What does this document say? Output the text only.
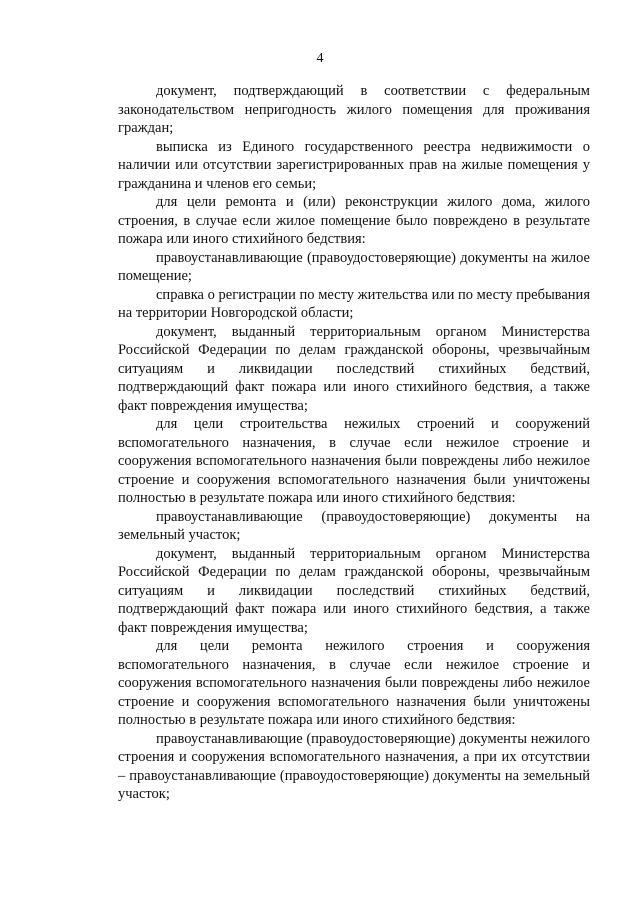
4

документ, подтверждающий в соответствии с федеральным законодательством непригодность жилого помещения для проживания граждан;

выписка из Единого государственного реестра недвижимости о наличии или отсутствии зарегистрированных прав на жилые помещения у гражданина и членов его семьи;

для цели ремонта и (или) реконструкции жилого дома, жилого строения, в случае если жилое помещение было повреждено в результате пожара или иного стихийного бедствия:

правоустанавливающие (правоудостоверяющие) документы на жилое помещение;

справка о регистрации по месту жительства или по месту пребывания на территории Новгородской области;

документ, выданный территориальным органом Министерства Российской Федерации по делам гражданской обороны, чрезвычайным ситуациям и ликвидации последствий стихийных бедствий, подтверждающий факт пожара или иного стихийного бедствия, а также факт повреждения имущества;

для цели строительства нежилых строений и сооружений вспомогательного назначения, в случае если нежилое строение и сооружения вспомогательного назначения были повреждены либо нежилое строение и сооружения вспомогательного назначения были уничтожены полностью в результате пожара или иного стихийного бедствия:

правоустанавливающие (правоудостоверяющие) документы на земельный участок;

документ, выданный территориальным органом Министерства Российской Федерации по делам гражданской обороны, чрезвычайным ситуациям и ликвидации последствий стихийных бедствий, подтверждающий факт пожара или иного стихийного бедствия, а также факт повреждения имущества;

для цели ремонта нежилого строения и сооружения вспомогательного назначения, в случае если нежилое строение и сооружения вспомогательного назначения были повреждены либо нежилое строение и сооружения вспомогательного назначения были уничтожены полностью в результате пожара или иного стихийного бедствия:

правоустанавливающие (правоудостоверяющие) документы нежилого строения и сооружения вспомогательного назначения, а при их отсутствии – правоустанавливающие (правоудостоверяющие) документы на земельный участок;
